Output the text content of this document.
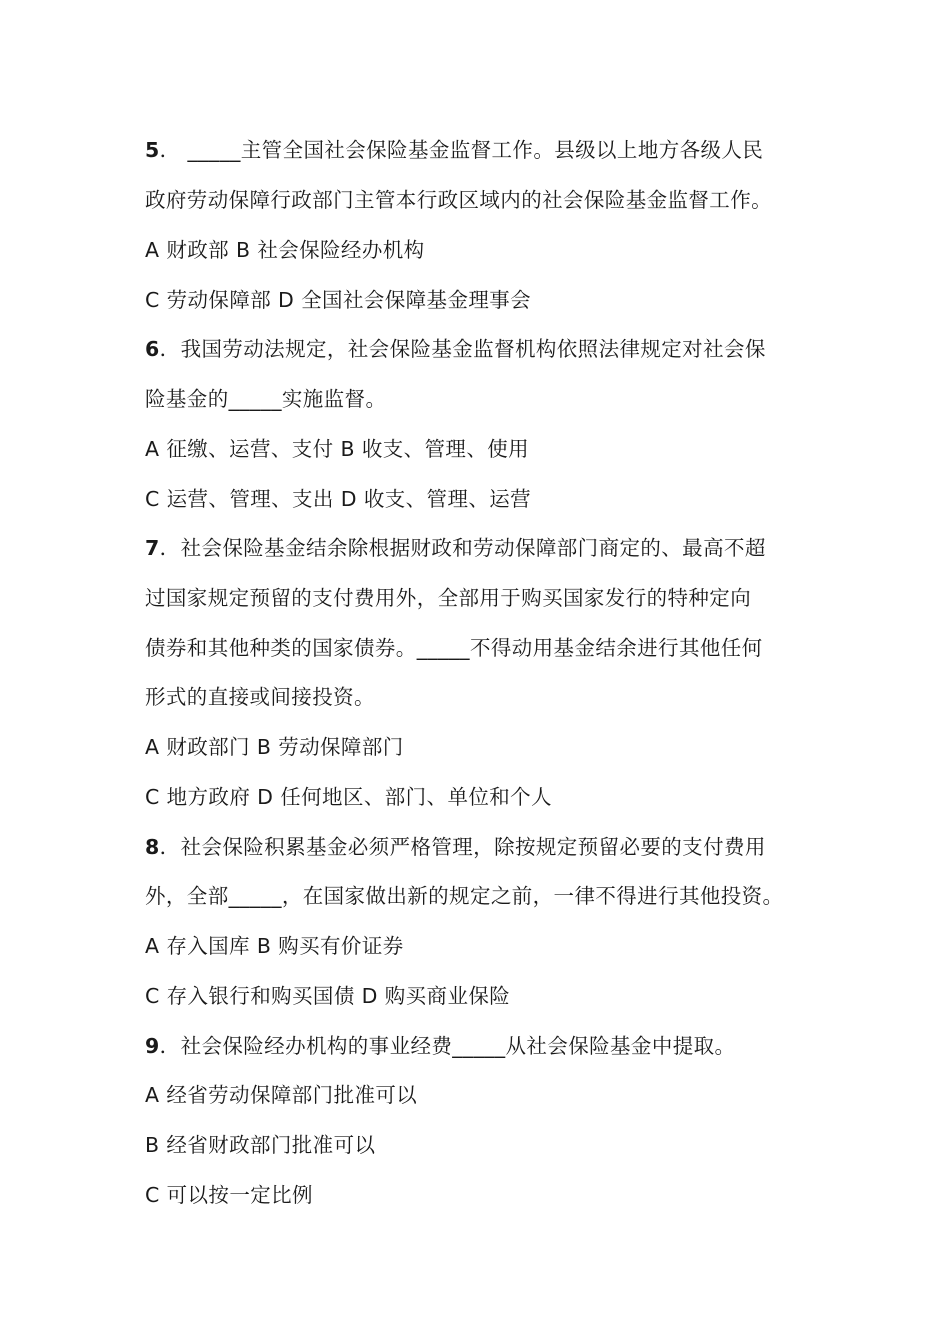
5． _____主管全国社会保险基金监督工作。县级以上地方各级人民
政府劳动保障行政部门主管本行政区域内的社会保险基金监督工作。
A 财政部 B 社会保险经办机构
C 劳动保障部 D 全国社会保障基金理事会
6．我国劳动法规定，社会保险基金监督机构依照法律规定对社会保
险基金的_____实施监督。
A 征缴、运营、支付 B 收支、管理、使用
C 运营、管理、支出 D 收支、管理、运营
7．社会保险基金结余除根据财政和劳动保障部门商定的、最高不超
过国家规定预留的支付费用外，全部用于购买国家发行的特种定向
债券和其他种类的国家债券。_____不得动用基金结余进行其他任何
形式的直接或间接投资。
A 财政部门 B 劳动保障部门
C 地方政府 D 任何地区、部门、单位和个人
8．社会保险积累基金必须严格管理，除按规定预留必要的支付费用
外，全部_____，在国家做出新的规定之前，一律不得进行其他投资。
A 存入国库 B 购买有价证券
C 存入银行和购买国债 D 购买商业保险
9．社会保险经办机构的事业经费_____从社会保险基金中提取。
A 经省劳动保障部门批准可以
B 经省财政部门批准可以
C 可以按一定比例
